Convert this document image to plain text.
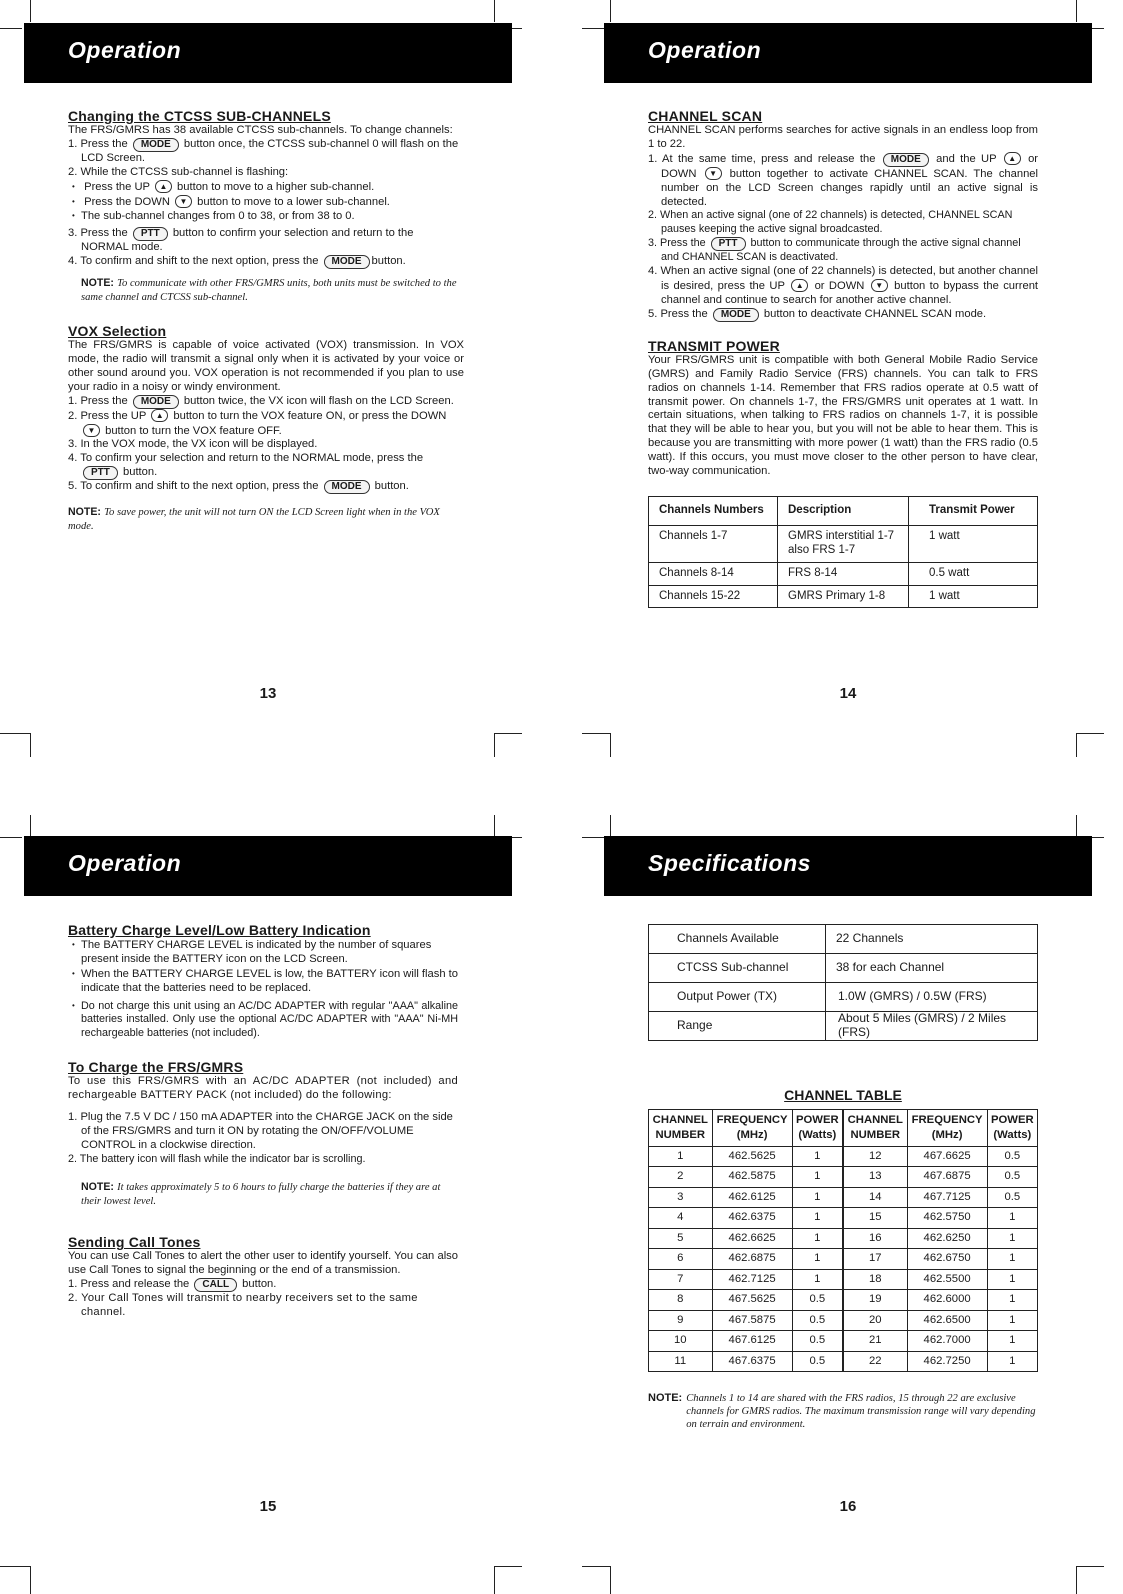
Operation

Changing the CTCSS SUB-CHANNELS

The FRS/GMRS has 38 available CTCSS sub-channels. To change channels:

1. Press the MODE button once, the CTCSS sub-channel 0 will flash on the LCD Screen.

2. While the CTCSS sub-channel is flashing:

• Press the UP ▲ button to move to a higher sub-channel.

• Press the DOWN ▼ button to move to a lower sub-channel.

• The sub-channel changes from 0 to 38, or from 38 to 0.

3. Press the PTT button to confirm your selection and return to the NORMAL mode.

4. To confirm and shift to the next option, press the MODE button.

NOTE: To communicate with other FRS/GMRS units, both units must be switched to the same channel and CTCSS sub-channel.

VOX Selection

The FRS/GMRS is capable of voice activated (VOX) transmission. In VOX mode, the radio will transmit a signal only when it is activated by your voice or other sound around you. VOX operation is not recommended if you plan to use your radio in a noisy or windy environment.

1. Press the MODE button twice, the VX icon will flash on the LCD Screen.

2. Press the UP ▲ button to turn the VOX feature ON, or press the DOWN ▼ button to turn the VOX feature OFF.

3. In the VOX mode, the VX icon will be displayed.

4. To confirm your selection and return to the NORMAL mode, press the PTT button.

5. To confirm and shift to the next option, press the MODE button.

NOTE: To save power, the unit will not turn ON the LCD Screen light when in the VOX mode.

13
Operation

CHANNEL SCAN

CHANNEL SCAN performs searches for active signals in an endless loop from 1 to 22.

1. At the same time, press and release the MODE and the UP ▲ or DOWN ▼ button together to activate CHANNEL SCAN. The channel number on the LCD Screen changes rapidly until an active signal is detected.

2. When an active signal (one of 22 channels) is detected, CHANNEL SCAN pauses keeping the active signal broadcasted.

3. Press the PTT button to communicate through the active signal channel and CHANNEL SCAN is deactivated.

4. When an active signal (one of 22 channels) is detected, but another channel is desired, press the UP ▲ or DOWN ▼ button to bypass the current channel and continue to search for another active channel.

5. Press the MODE button to deactivate CHANNEL SCAN mode.

TRANSMIT POWER

Your FRS/GMRS unit is compatible with both General Mobile Radio Service (GMRS) and Family Radio Service (FRS) channels. You can talk to FRS radios on channels 1-14. Remember that FRS radios operate at 0.5 watt of transmit power. On channels 1-7, the FRS/GMRS unit operates at 1 watt. In certain situations, when talking to FRS radios on channels 1-7, it is possible that they will be able to hear you, but you will not be able to hear them. This is because you are transmitting with more power (1 watt) than the FRS radio (0.5 watt). If this occurs, you must move closer to the other person to have clear, two-way communication.

Channels Numbers	Description	Transmit Power
Channels 1-7	GMRS interstitial 1-7
also FRS 1-7	1 watt
Channels 8-14	FRS 8-14	0.5 watt
Channels 15-22	GMRS Primary 1-8	1 watt
14
Operation

Battery Charge Level/Low Battery Indication

• The BATTERY CHARGE LEVEL is indicated by the number of squares present inside the BATTERY icon on the LCD Screen.

• When the BATTERY CHARGE LEVEL is low, the BATTERY icon will flash to indicate that the batteries need to be replaced.

• Do not charge this unit using an AC/DC ADAPTER with regular "AAA" alkaline batteries installed. Only use the optional AC/DC ADAPTER with "AAA" Ni-MH rechargeable batteries (not included).

To Charge the FRS/GMRS

To use this FRS/GMRS with an AC/DC ADAPTER (not included) and rechargeable BATTERY PACK (not included) do the following:

1. Plug the 7.5 V DC / 150 mA ADAPTER into the CHARGE JACK on the side of the FRS/GMRS and turn it ON by rotating the ON/OFF/VOLUME CONTROL in a clockwise direction.

2. The battery icon will flash while the indicator bar is scrolling.

NOTE: It takes approximately 5 to 6 hours to fully charge the batteries if they are at their lowest level.

Sending Call Tones

You can use Call Tones to alert the other user to identify yourself. You can also use Call Tones to signal the beginning or the end of a transmission.

1. Press and release the CALL button.

2. Your Call Tones will transmit to nearby receivers set to the same channel.

15
Specifications
Channels Available	22 Channels
CTCSS Sub-channel	38 for each Channel
Output Power (TX)	1.0W (GMRS) / 0.5W (FRS)
Range	About 5 Miles (GMRS) / 2 Miles (FRS)

CHANNEL TABLE

CHANNEL
NUMBER	FREQUENCY
(MHz)	POWER
(Watts)	CHANNEL
NUMBER	FREQUENCY
(MHz)	POWER
(Watts)
1	462.5625	1	12	467.6625	0.5
2	462.5875	1	13	467.6875	0.5
3	462.6125	1	14	467.7125	0.5
4	462.6375	1	15	462.5750	1
5	462.6625	1	16	462.6250	1
6	462.6875	1	17	462.6750	1
7	462.7125	1	18	462.5500	1
8	467.5625	0.5	19	462.6000	1
9	467.5875	0.5	20	462.6500	1
10	467.6125	0.5	21	462.7000	1
11	467.6375	0.5	22	462.7250	1
NOTE: Channels 1 to 14 are shared with the FRS radios, 15 through 22 are exclusive channels for GMRS radios. The maximum transmission range will vary depending on terrain and environment.
16
